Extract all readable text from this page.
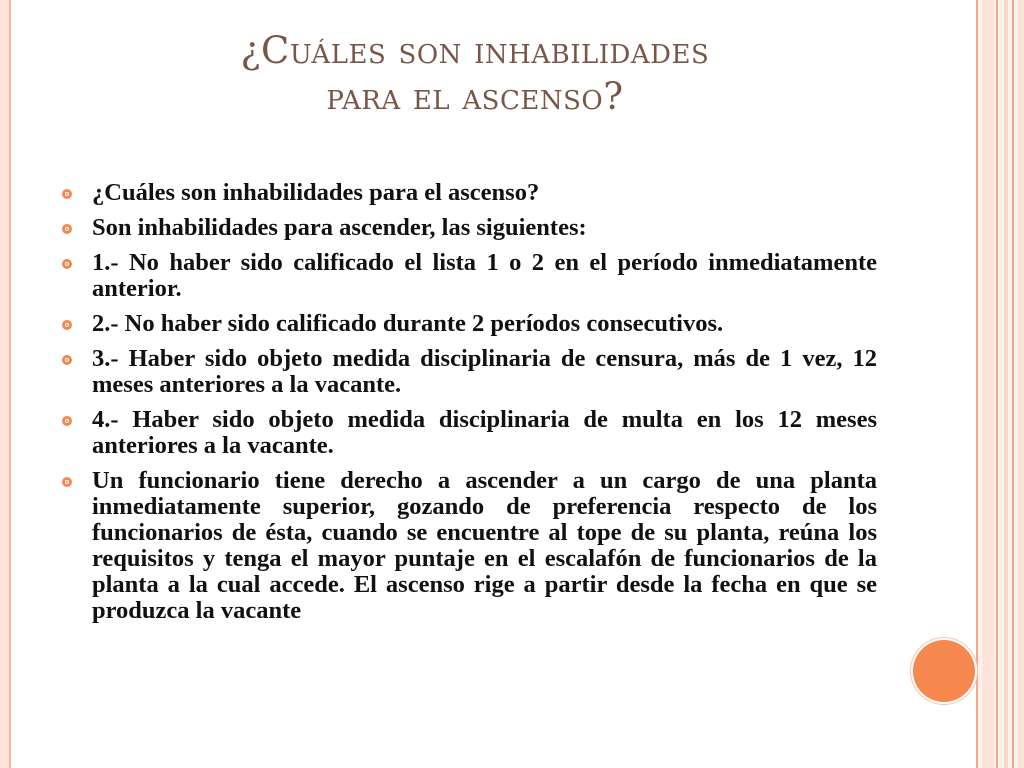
¿Cuáles son inhabilidades
para el ascenso?
¿Cuáles son inhabilidades para el ascenso?
Son inhabilidades para ascender, las siguientes:
1.- No haber sido calificado el lista 1 o 2 en el período inmediatamente anterior.
2.- No haber sido calificado durante 2 períodos consecutivos.
3.- Haber sido objeto medida disciplinaria de censura, más de 1 vez, 12 meses anteriores a la vacante.
4.- Haber sido objeto medida disciplinaria de multa en los 12 meses anteriores a la vacante.
Un funcionario tiene derecho a ascender a un cargo de una planta inmediatamente superior, gozando de preferencia respecto de los funcionarios de ésta, cuando se encuentre al tope de su planta, reúna los requisitos y tenga el mayor puntaje en el escalafón de funcionarios de la planta a la cual accede. El ascenso rige a partir desde la fecha en que se produzca la vacante
